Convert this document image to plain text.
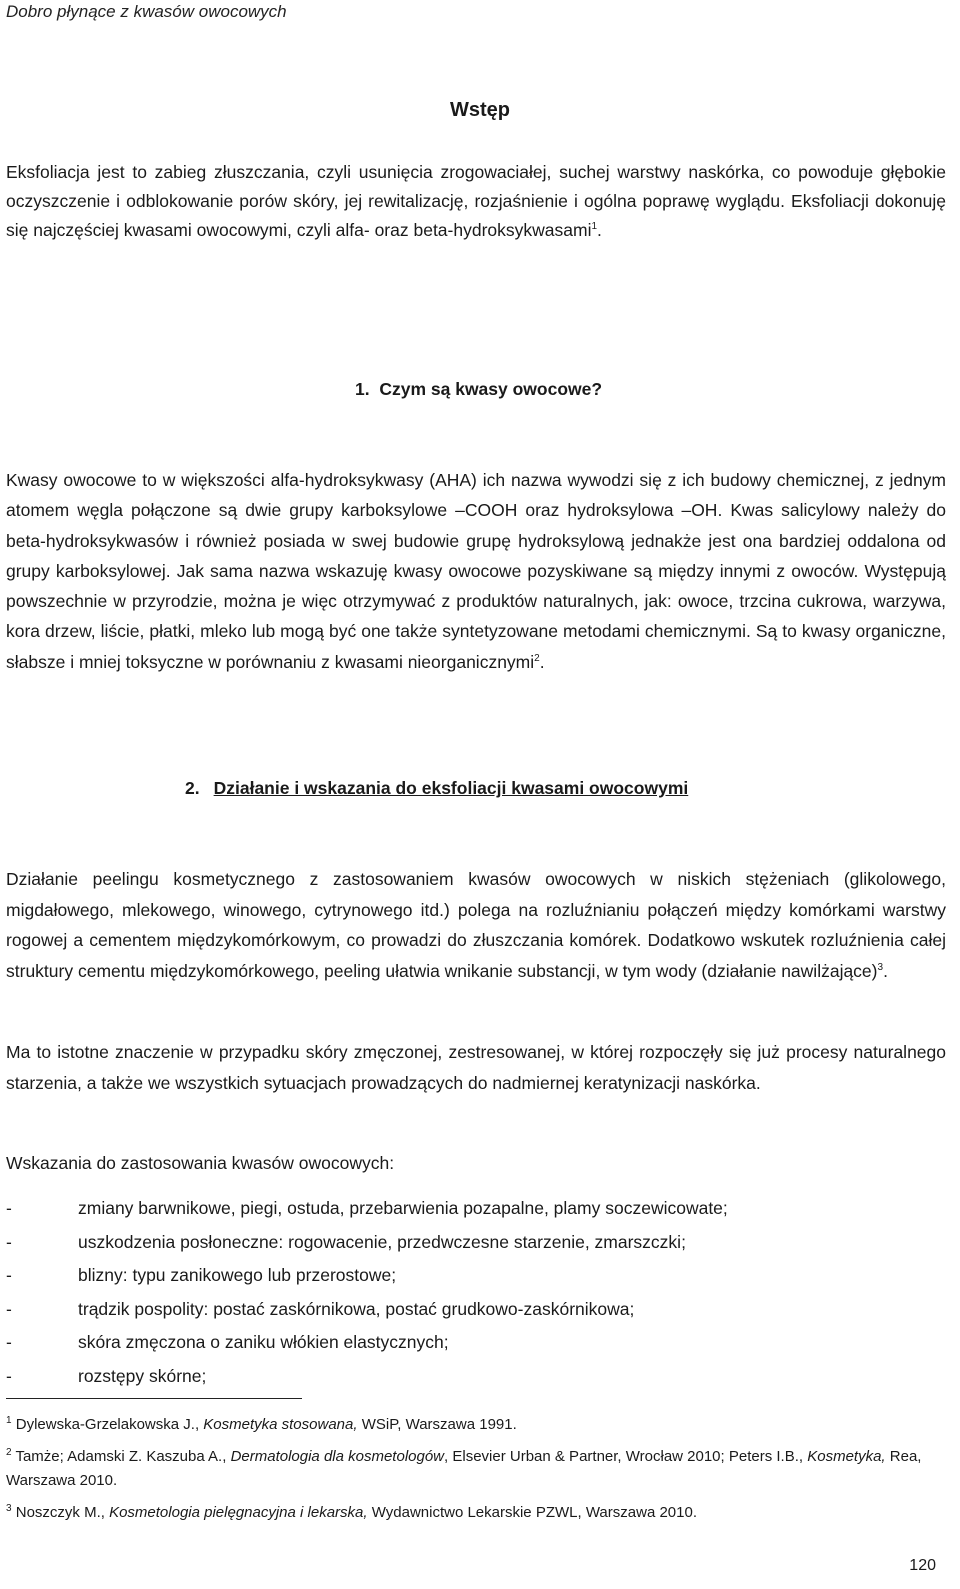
Dobro płynące z kwasów owocowych
Wstęp

Eksfoliacja jest to zabieg złuszczania, czyli usunięcia zrogowaciałej, suchej warstwy naskórka, co powoduje głębokie oczyszczenie i odblokowanie porów skóry, jej rewitalizację, rozjaśnienie i ogólna poprawę wyglądu. Eksfoliacji dokonuję się najczęściej kwasami owocowymi, czyli alfa- oraz beta-hydroksykwasami$^1$.

1. Czym są kwasy owocowe?

Kwasy owocowe to w większości alfa-hydroksykwasy (AHA) ich nazwa wywodzi się z ich budowy chemicznej, z jednym atomem węgla połączone są dwie grupy karboksylowe –COOH oraz hydroksylowa –OH. Kwas salicylowy należy do beta-hydroksykwasów i również posiada w swej budowie grupę hydroksylową jednakże jest ona bardziej oddalona od grupy karboksylowej. Jak sama nazwa wskazuję kwasy owocowe pozyskiwane są między innymi z owoców. Występują powszechnie w przyrodzie, można je więc otrzymywać z produktów naturalnych, jak: owoce, trzcina cukrowa, warzywa, kora drzew, liście, płatki, mleko lub mogą być one także syntetyzowane metodami chemicznymi. Są to kwasy organiczne, słabsze i mniej toksyczne w porównaniu z kwasami nieorganicznymi$^2$.

2. Działanie i wskazania do eksfoliacji kwasami owocowymi

Działanie peelingu kosmetycznego z zastosowaniem kwasów owocowych w niskich stężeniach (glikolowego, migdałowego, mlekowego, winowego, cytrynowego itd.) polega na rozluźnianiu połączeń między komórkami warstwy rogowej a cementem międzykomórkowym, co prowadzi do złuszczania komórek. Dodatkowo wskutek rozluźnienia całej struktury cementu międzykomórkowego, peeling ułatwia wnikanie substancji, w tym wody (działanie nawilżające)$^3$.

Ma to istotne znaczenie w przypadku skóry zmęczonej, zestresowanej, w której rozpoczęły się już procesy naturalnego starzenia, a także we wszystkich sytuacjach prowadzących do nadmiernej keratynizacji naskórka.

Wskazania do zastosowania kwasów owocowych:

-	zmiany barwnikowe, piegi, ostuda, przebarwienia pozapalne, plamy soczewicowate;
-	uszkodzenia posłoneczne: rogowacenie, przedwczesne starzenie, zmarszczki;
-	blizny: typu zanikowego lub przerostowe;
-	trądzik pospolity: postać zaskórnikowa, postać grudkowo-zaskórnikowa;
-	skóra zmęczona o zaniku włókien elastycznych;
-	rozstępy skórne;
$^1$ Dylewska-Grzelakowska J., Kosmetyka stosowana, WSiP, Warszawa 1991.
$^2$ Tamże; Adamski Z. Kaszuba A., Dermatologia dla kosmetologów, Elsevier Urban & Partner, Wrocław 2010; Peters I.B., Kosmetyka, Rea, Warszawa 2010.
$^3$ Noszczyk M., Kosmetologia pielęgnacyjna i lekarska, Wydawnictwo Lekarskie PZWL, Warszawa 2010.
120
